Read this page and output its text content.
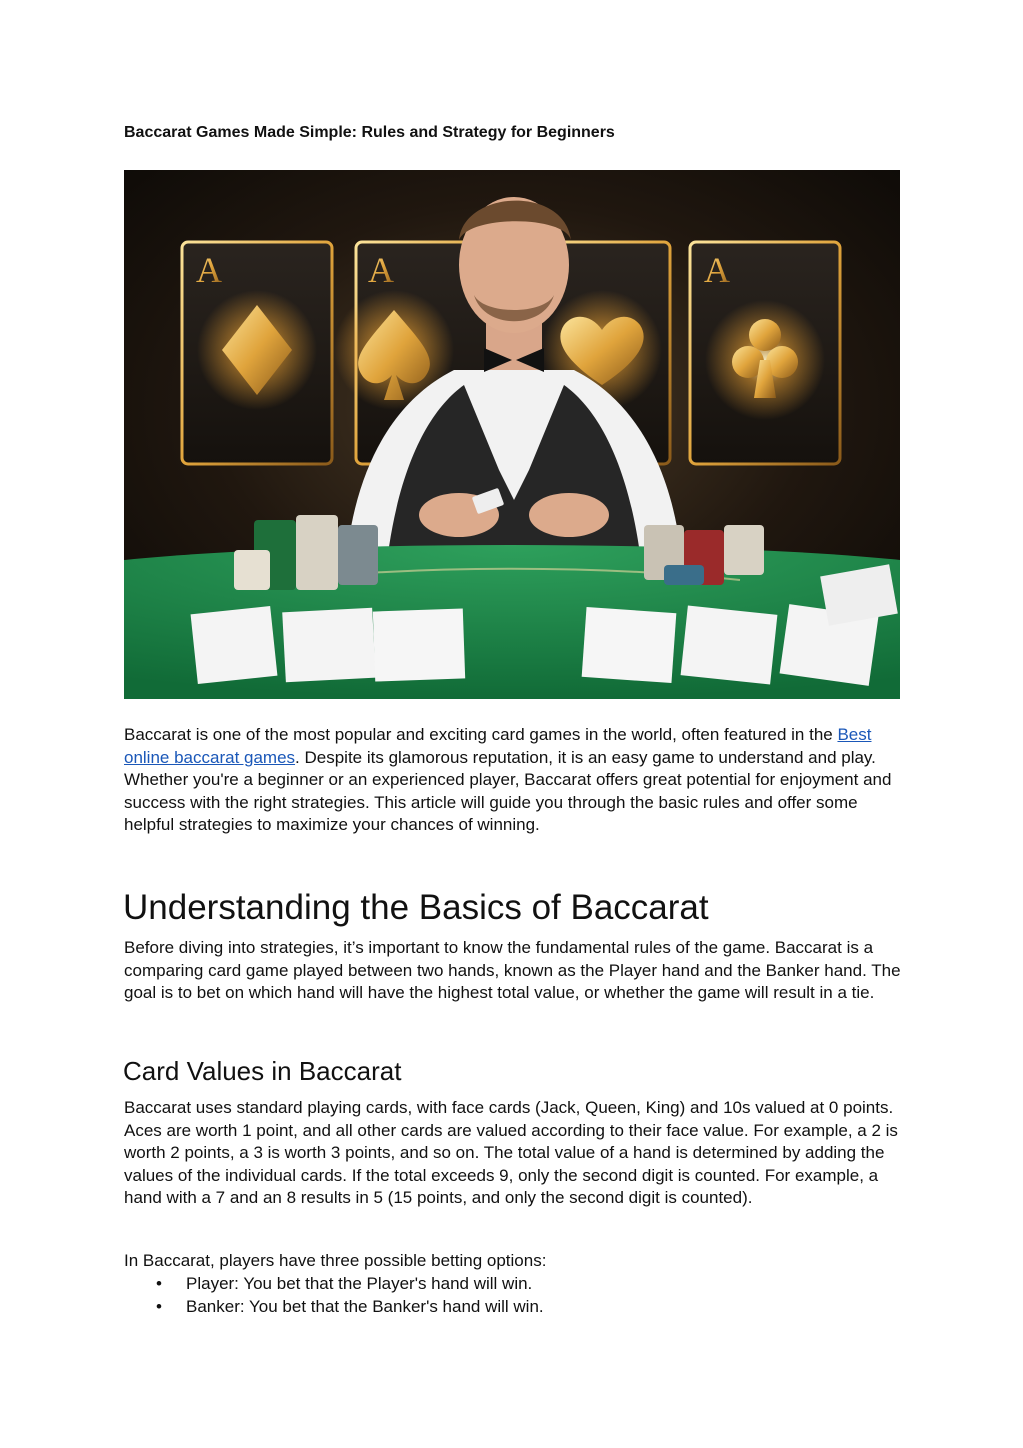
Baccarat Games Made Simple: Rules and Strategy for Beginners
A	A	A
Baccarat is one of the most popular and exciting card games in the world, often featured in the Best online baccarat games. Despite its glamorous reputation, it is an easy game to understand and play. Whether you're a beginner or an experienced player, Baccarat offers great potential for enjoyment and success with the right strategies. This article will guide you through the basic rules and offer some helpful strategies to maximize your chances of winning.
Understanding the Basics of Baccarat
Before diving into strategies, it’s important to know the fundamental rules of the game. Baccarat is a comparing card game played between two hands, known as the Player hand and the Banker hand. The goal is to bet on which hand will have the highest total value, or whether the game will result in a tie.
Card Values in Baccarat
Baccarat uses standard playing cards, with face cards (Jack, Queen, King) and 10s valued at 0 points. Aces are worth 1 point, and all other cards are valued according to their face value. For example, a 2 is worth 2 points, a 3 is worth 3 points, and so on. The total value of a hand is determined by adding the values of the individual cards. If the total exceeds 9, only the second digit is counted. For example, a hand with a 7 and an 8 results in 5 (15 points, and only the second digit is counted).
In Baccarat, players have three possible betting options:
• Player: You bet that the Player's hand will win.
• Banker: You bet that the Banker's hand will win.
